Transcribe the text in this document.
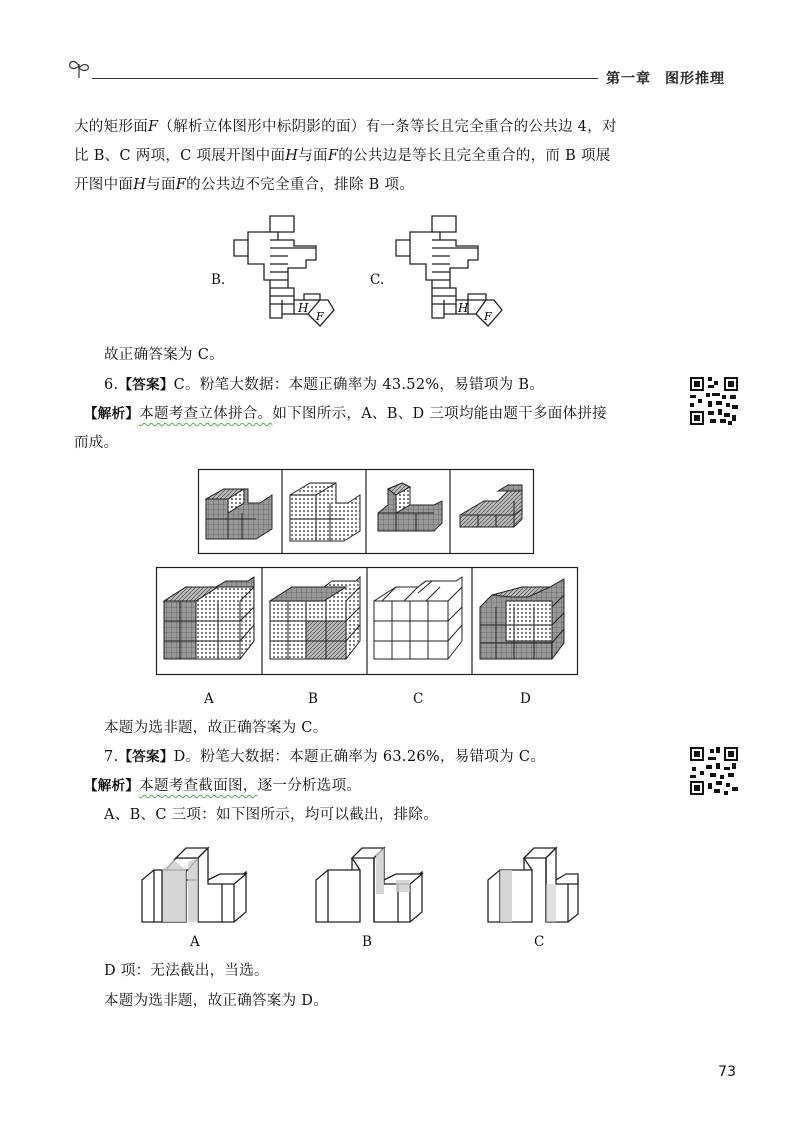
第一章 图形推理
大的矩形面F（解析立体图形中标阴影的面）有一条等长且完全重合的公共边 4，对
比 B、C 两项，C 项展开图中面H与面F的公共边是等长且完全重合的，而 B 项展
开图中面H与面F的公共边不完全重合，排除 B 项。
B.
H
F
C.
H
F
故正确答案为 C。
6.【答案】C。粉笔大数据：本题正确率为 43.52%，易错项为 B。
【解析】本题考查立体拼合。如下图所示，A、B、D 三项均能由题干多面体拼接
而成。
A	B	C	D
本题为选非题，故正确答案为 C。
7.【答案】D。粉笔大数据：本题正确率为 63.26%，易错项为 C。
【解析】本题考查截面图，逐一分析选项。
A、B、C 三项：如下图所示，均可以截出，排除。
A	B	C
D 项：无法截出，当选。
本题为选非题，故正确答案为 D。
73
